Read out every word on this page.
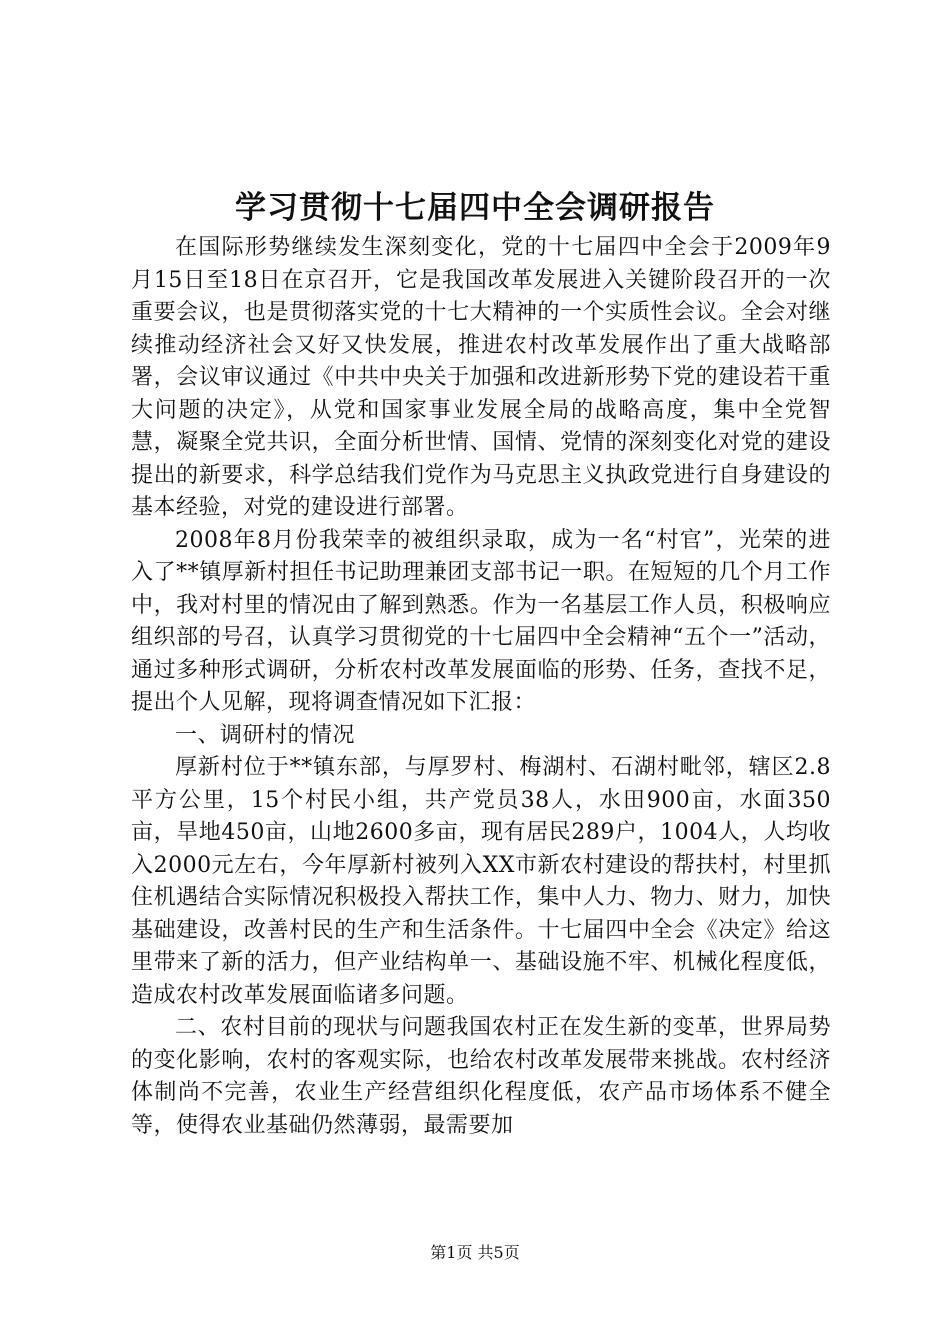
学习贯彻十七届四中全会调研报告

在国际形势继续发生深刻变化，党的十七届四中全会于2009年9月15日至18日在京召开，它是我国改革发展进入关键阶段召开的一次重要会议，也是贯彻落实党的十七大精神的一个实质性会议。全会对继续推动经济社会又好又快发展，推进农村改革发展作出了重大战略部署，会议审议通过《中共中央关于加强和改进新形势下党的建设若干重大问题的决定》，从党和国家事业发展全局的战略高度，集中全党智慧，凝聚全党共识，全面分析世情、国情、党情的深刻变化对党的建设提出的新要求，科学总结我们党作为马克思主义执政党进行自身建设的基本经验，对党的建设进行部署。

2008年8月份我荣幸的被组织录取，成为一名“村官”，光荣的进入了**镇厚新村担任书记助理兼团支部书记一职。在短短的几个月工作中，我对村里的情况由了解到熟悉。作为一名基层工作人员，积极响应组织部的号召，认真学习贯彻党的十七届四中全会精神“五个一”活动，通过多种形式调研，分析农村改革发展面临的形势、任务，查找不足，提出个人见解，现将调查情况如下汇报：

一、调研村的情况

厚新村位于**镇东部，与厚罗村、梅湖村、石湖村毗邻，辖区2.8平方公里，15个村民小组，共产党员38人，水田900亩，水面350亩，旱地450亩，山地2600多亩，现有居民289户，1004人，人均收入2000元左右，今年厚新村被列入XX市新农村建设的帮扶村，村里抓住机遇结合实际情况积极投入帮扶工作，集中人力、物力、财力，加快基础建设，改善村民的生产和生活条件。十七届四中全会《决定》给这里带来了新的活力，但产业结构单一、基础设施不牢、机械化程度低，造成农村改革发展面临诸多问题。

二、农村目前的现状与问题我国农村正在发生新的变革，世界局势的变化影响，农村的客观实际，也给农村改革发展带来挑战。农村经济体制尚不完善，农业生产经营组织化程度低，农产品市场体系不健全等，使得农业基础仍然薄弱，最需要加

第1页 共5页
